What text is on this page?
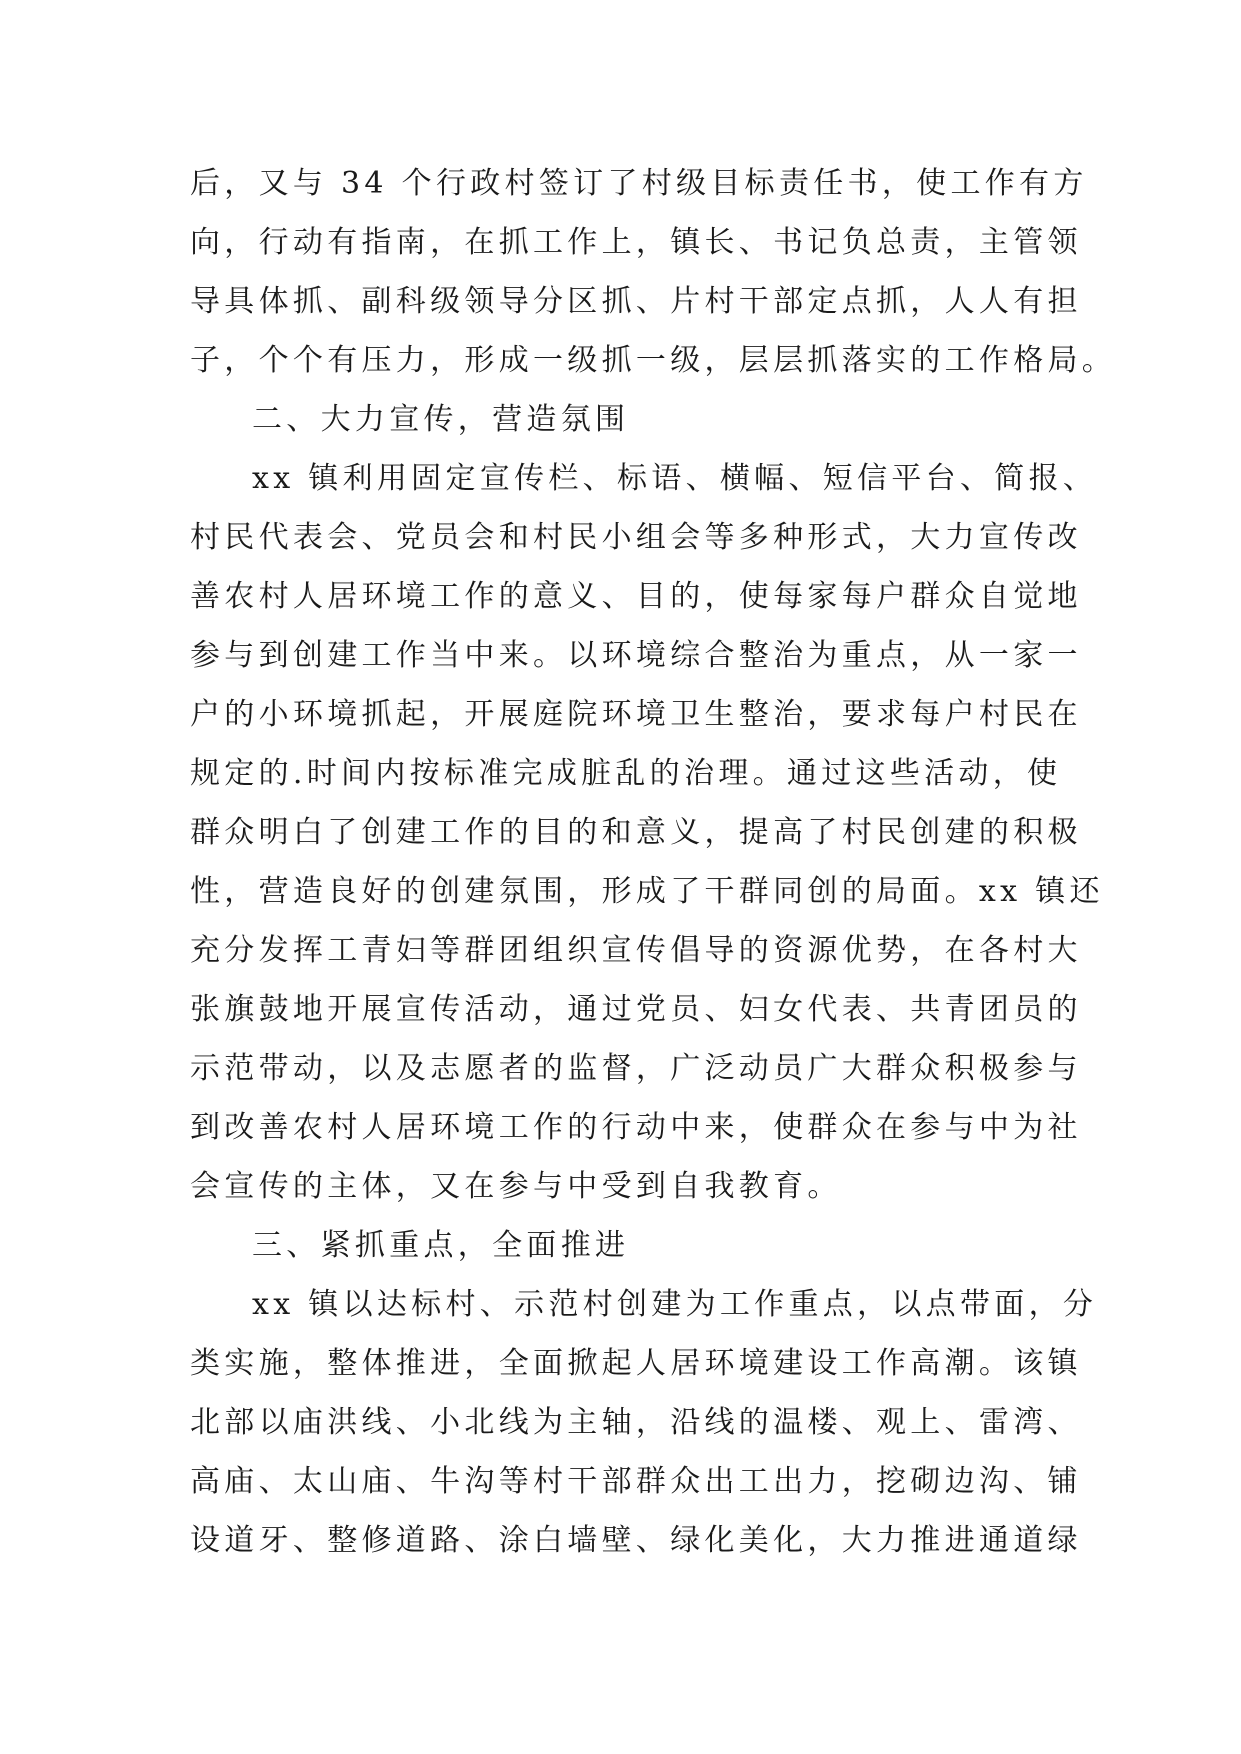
后，又与 34 个行政村签订了村级目标责任书，使工作有方
向，行动有指南，在抓工作上，镇长、书记负总责，主管领
导具体抓、副科级领导分区抓、片村干部定点抓，人人有担
子，个个有压力，形成一级抓一级，层层抓落实的工作格局。
二、大力宣传，营造氛围
xx 镇利用固定宣传栏、标语、横幅、短信平台、简报、
村民代表会、党员会和村民小组会等多种形式，大力宣传改
善农村人居环境工作的意义、目的，使每家每户群众自觉地
参与到创建工作当中来。以环境综合整治为重点，从一家一
户的小环境抓起，开展庭院环境卫生整治，要求每户村民在
规定的.时间内按标准完成脏乱的治理。通过这些活动，使
群众明白了创建工作的目的和意义，提高了村民创建的积极
性，营造良好的创建氛围，形成了干群同创的局面。xx 镇还
充分发挥工青妇等群团组织宣传倡导的资源优势，在各村大
张旗鼓地开展宣传活动，通过党员、妇女代表、共青团员的
示范带动，以及志愿者的监督，广泛动员广大群众积极参与
到改善农村人居环境工作的行动中来，使群众在参与中为社
会宣传的主体，又在参与中受到自我教育。
三、紧抓重点，全面推进
xx 镇以达标村、示范村创建为工作重点，以点带面，分
类实施，整体推进，全面掀起人居环境建设工作高潮。该镇
北部以庙洪线、小北线为主轴，沿线的温楼、观上、雷湾、
高庙、太山庙、牛沟等村干部群众出工出力，挖砌边沟、铺
设道牙、整修道路、涂白墙壁、绿化美化，大力推进通道绿
